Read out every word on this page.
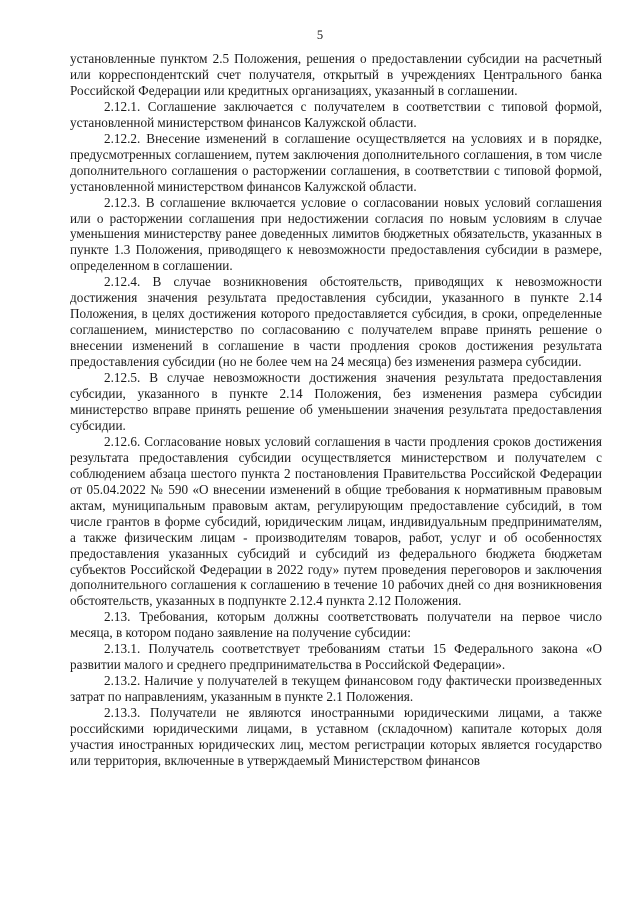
5

установленные пунктом 2.5 Положения, решения о предоставлении субсидии на расчетный или корреспондентский счет получателя, открытый в учреждениях Центрального банка Российской Федерации или кредитных организациях, указанный в соглашении.

2.12.1. Соглашение заключается с получателем в соответствии с типовой формой, установленной министерством финансов Калужской области.

2.12.2. Внесение изменений в соглашение осуществляется на условиях и в порядке, предусмотренных соглашением, путем заключения дополнительного соглашения, в том числе дополнительного соглашения о расторжении соглашения, в соответствии с типовой формой, установленной министерством финансов Калужской области.

2.12.3. В соглашение включается условие о согласовании новых условий соглашения или о расторжении соглашения при недостижении согласия по новым условиям в случае уменьшения министерству ранее доведенных лимитов бюджетных обязательств, указанных в пункте 1.3 Положения, приводящего к невозможности предоставления субсидии в размере, определенном в соглашении.

2.12.4. В случае возникновения обстоятельств, приводящих к невозможности достижения значения результата предоставления субсидии, указанного в пункте 2.14 Положения, в целях достижения которого предоставляется субсидия, в сроки, определенные соглашением, министерство по согласованию с получателем вправе принять решение о внесении изменений в соглашение в части продления сроков достижения результата предоставления субсидии (но не более чем на 24 месяца) без изменения размера субсидии.

2.12.5. В случае невозможности достижения значения результата предоставления субсидии, указанного в пункте 2.14 Положения, без изменения размера субсидии министерство вправе принять решение об уменьшении значения результата предоставления субсидии.

2.12.6. Согласование новых условий соглашения в части продления сроков достижения результата предоставления субсидии осуществляется министерством и получателем с соблюдением абзаца шестого пункта 2 постановления Правительства Российской Федерации от 05.04.2022 № 590 «О внесении изменений в общие требования к нормативным правовым актам, муниципальным правовым актам, регулирующим предоставление субсидий, в том числе грантов в форме субсидий, юридическим лицам, индивидуальным предпринимателям, а также физическим лицам - производителям товаров, работ, услуг и об особенностях предоставления указанных субсидий и субсидий из федерального бюджета бюджетам субъектов Российской Федерации в 2022 году» путем проведения переговоров и заключения дополнительного соглашения к соглашению в течение 10 рабочих дней со дня возникновения обстоятельств, указанных в подпункте 2.12.4 пункта 2.12 Положения.

2.13. Требования, которым должны соответствовать получатели на первое число месяца, в котором подано заявление на получение субсидии:

2.13.1. Получатель соответствует требованиям статьи 15 Федерального закона «О развитии малого и среднего предпринимательства в Российской Федерации».

2.13.2. Наличие у получателей в текущем финансовом году фактически произведенных затрат по направлениям, указанным в пункте 2.1 Положения.

2.13.3. Получатели не являются иностранными юридическими лицами, а также российскими юридическими лицами, в уставном (складочном) капитале которых доля участия иностранных юридических лиц, местом регистрации которых является государство или территория, включенные в утверждаемый Министерством финансов
